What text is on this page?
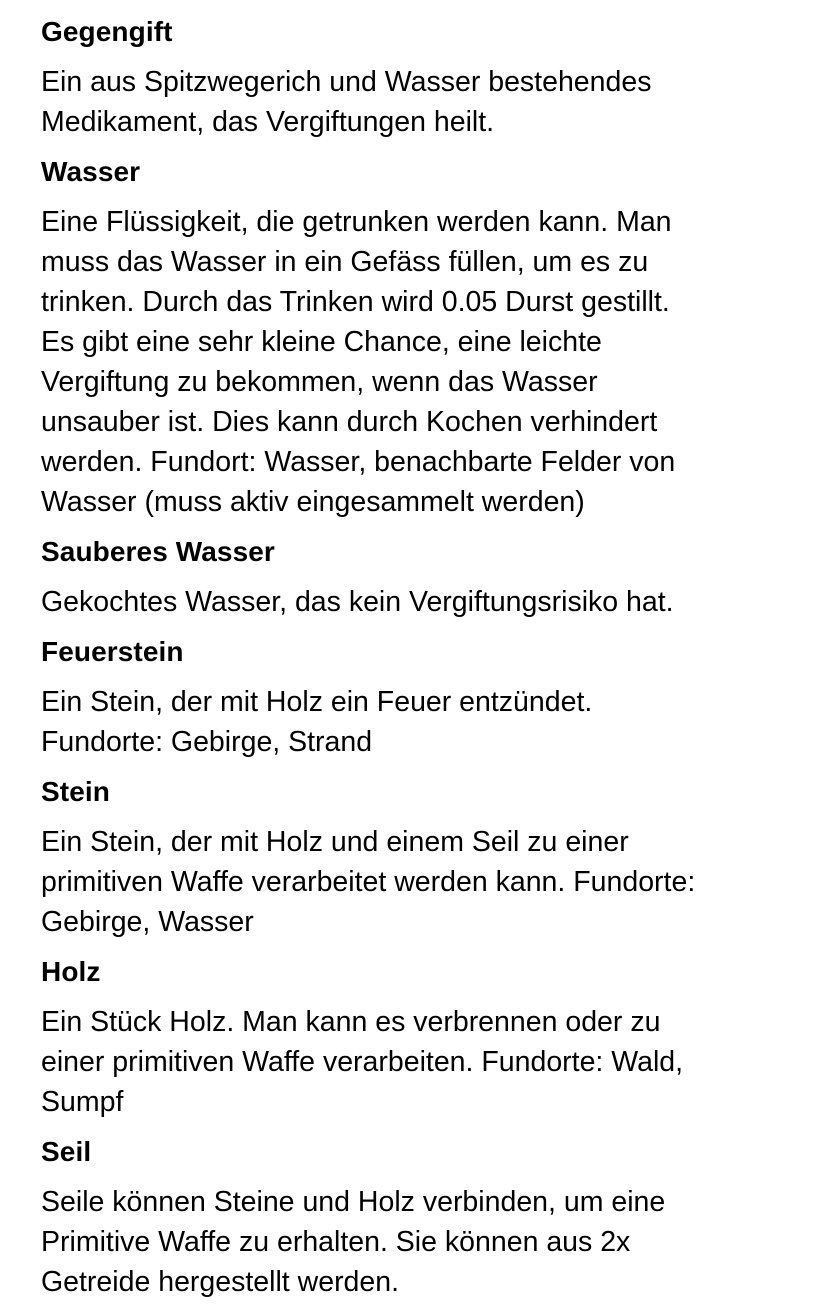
Gegengift
Ein aus Spitzwegerich und Wasser bestehendes
Medikament, das Vergiftungen heilt.
Wasser
Eine Flüssigkeit, die getrunken werden kann. Man
muss das Wasser in ein Gefäss füllen, um es zu
trinken. Durch das Trinken wird 0.05 Durst gestillt.
Es gibt eine sehr kleine Chance, eine leichte
Vergiftung zu bekommen, wenn das Wasser
unsauber ist. Dies kann durch Kochen verhindert
werden. Fundort: Wasser, benachbarte Felder von
Wasser (muss aktiv eingesammelt werden)
Sauberes Wasser
Gekochtes Wasser, das kein Vergiftungsrisiko hat.
Feuerstein
Ein Stein, der mit Holz ein Feuer entzündet.
Fundorte: Gebirge, Strand
Stein
Ein Stein, der mit Holz und einem Seil zu einer
primitiven Waffe verarbeitet werden kann. Fundorte:
Gebirge, Wasser
Holz
Ein Stück Holz. Man kann es verbrennen oder zu
einer primitiven Waffe verarbeiten. Fundorte: Wald,
Sumpf
Seil
Seile können Steine und Holz verbinden, um eine
Primitive Waffe zu erhalten. Sie können aus 2x
Getreide hergestellt werden.
